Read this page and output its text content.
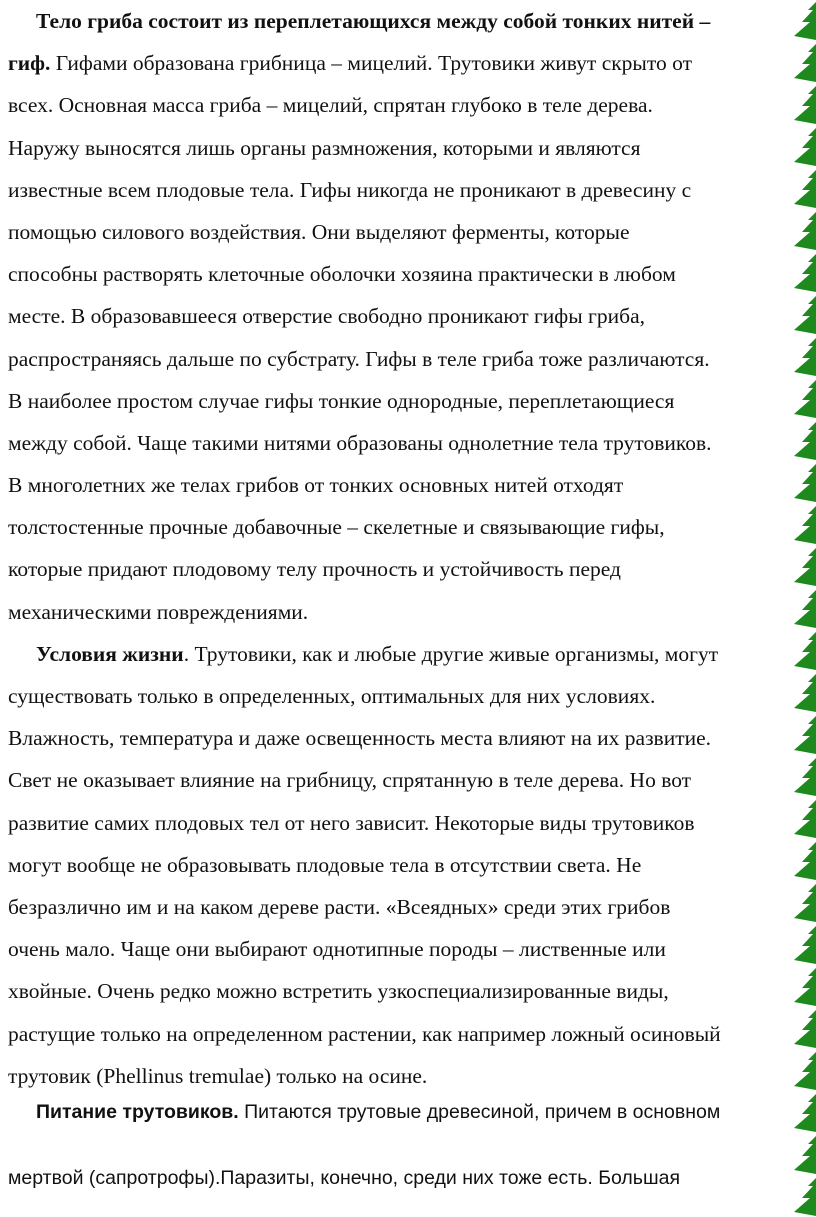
Тело гриба состоит из переплетающихся между собой тонких нитей –
гиф. Гифами образована грибница – мицелий. Трутовики живут скрыто от
всех. Основная масса гриба – мицелий, спрятан глубоко в теле дерева.
Наружу выносятся лишь органы размножения, которыми и являются
известные всем плодовые тела. Гифы никогда не проникают в древесину с
помощью силового воздействия. Они выделяют ферменты, которые
способны растворять клеточные оболочки хозяина практически в любом
месте. В образовавшееся отверстие свободно проникают гифы гриба,
распространяясь дальше по субстрату. Гифы в теле гриба тоже различаются.
В наиболее простом случае гифы тонкие однородные, переплетающиеся
между собой. Чаще такими нитями образованы однолетние тела трутовиков.
В многолетних же телах грибов от тонких основных нитей отходят
толстостенные прочные добавочные – скелетные и связывающие гифы,
которые придают плодовому телу прочность и устойчивость перед
механическими повреждениями.
Условия жизни. Трутовики, как и любые другие живые организмы, могут
существовать только в определенных, оптимальных для них условиях.
Влажность, температура и даже освещенность места влияют на их развитие.
Свет не оказывает влияние на грибницу, спрятанную в теле дерева. Но вот
развитие самих плодовых тел от него зависит. Некоторые виды трутовиков
могут вообще не образовывать плодовые тела в отсутствии света. Не
безразлично им и на каком дереве расти. «Всеядных» среди этих грибов
очень мало. Чаще они выбирают однотипные породы – лиственные или
хвойные. Очень редко можно встретить узкоспециализированные виды,
растущие только на определенном растении, как например ложный осиновый
трутовик (Phellinus tremulae) только на осине.
Питание трутовиков. Питаются трутовые древесиной, причем в основном
мертвой (сапротрофы).Паразиты, конечно, среди них тоже есть. Большая
